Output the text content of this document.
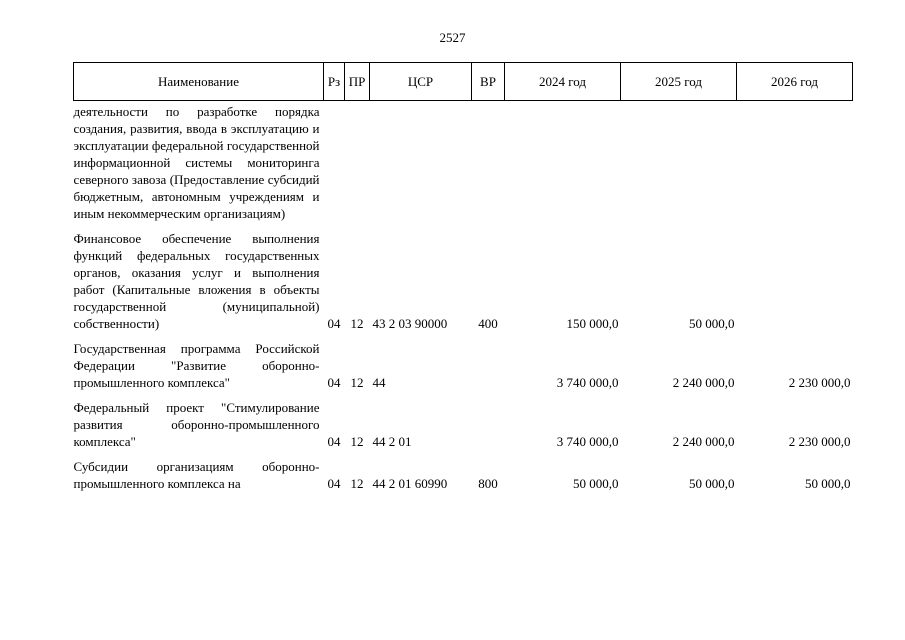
2527
Наименование	Рз	ПР	ЦСР	ВР	2024 год	2025 год	2026 год
деятельности по разработке порядка создания, развития, ввода в эксплуатацию и эксплуатации федеральной государственной информационной системы мониторинга северного завоза (Предоставление субсидий бюджетным, автономным учреждениям и иным некоммерческим организациям)							
Финансовое обеспечение выполнения функций федеральных государственных органов, оказания услуг и выполнения работ (Капитальные вложения в объекты государственной (муниципальной) собственности)	04	12	43 2 03 90000	400	150 000,0	50 000,0	
Государственная программа Российской Федерации "Развитие оборонно-промышленного комплекса"	04	12	44		3 740 000,0	2 240 000,0	2 230 000,0
Федеральный проект "Стимулирование развития оборонно-промышленного комплекса"	04	12	44 2 01		3 740 000,0	2 240 000,0	2 230 000,0
Субсидии организациям оборонно-промышленного комплекса на	04	12	44 2 01 60990	800	50 000,0	50 000,0	50 000,0
